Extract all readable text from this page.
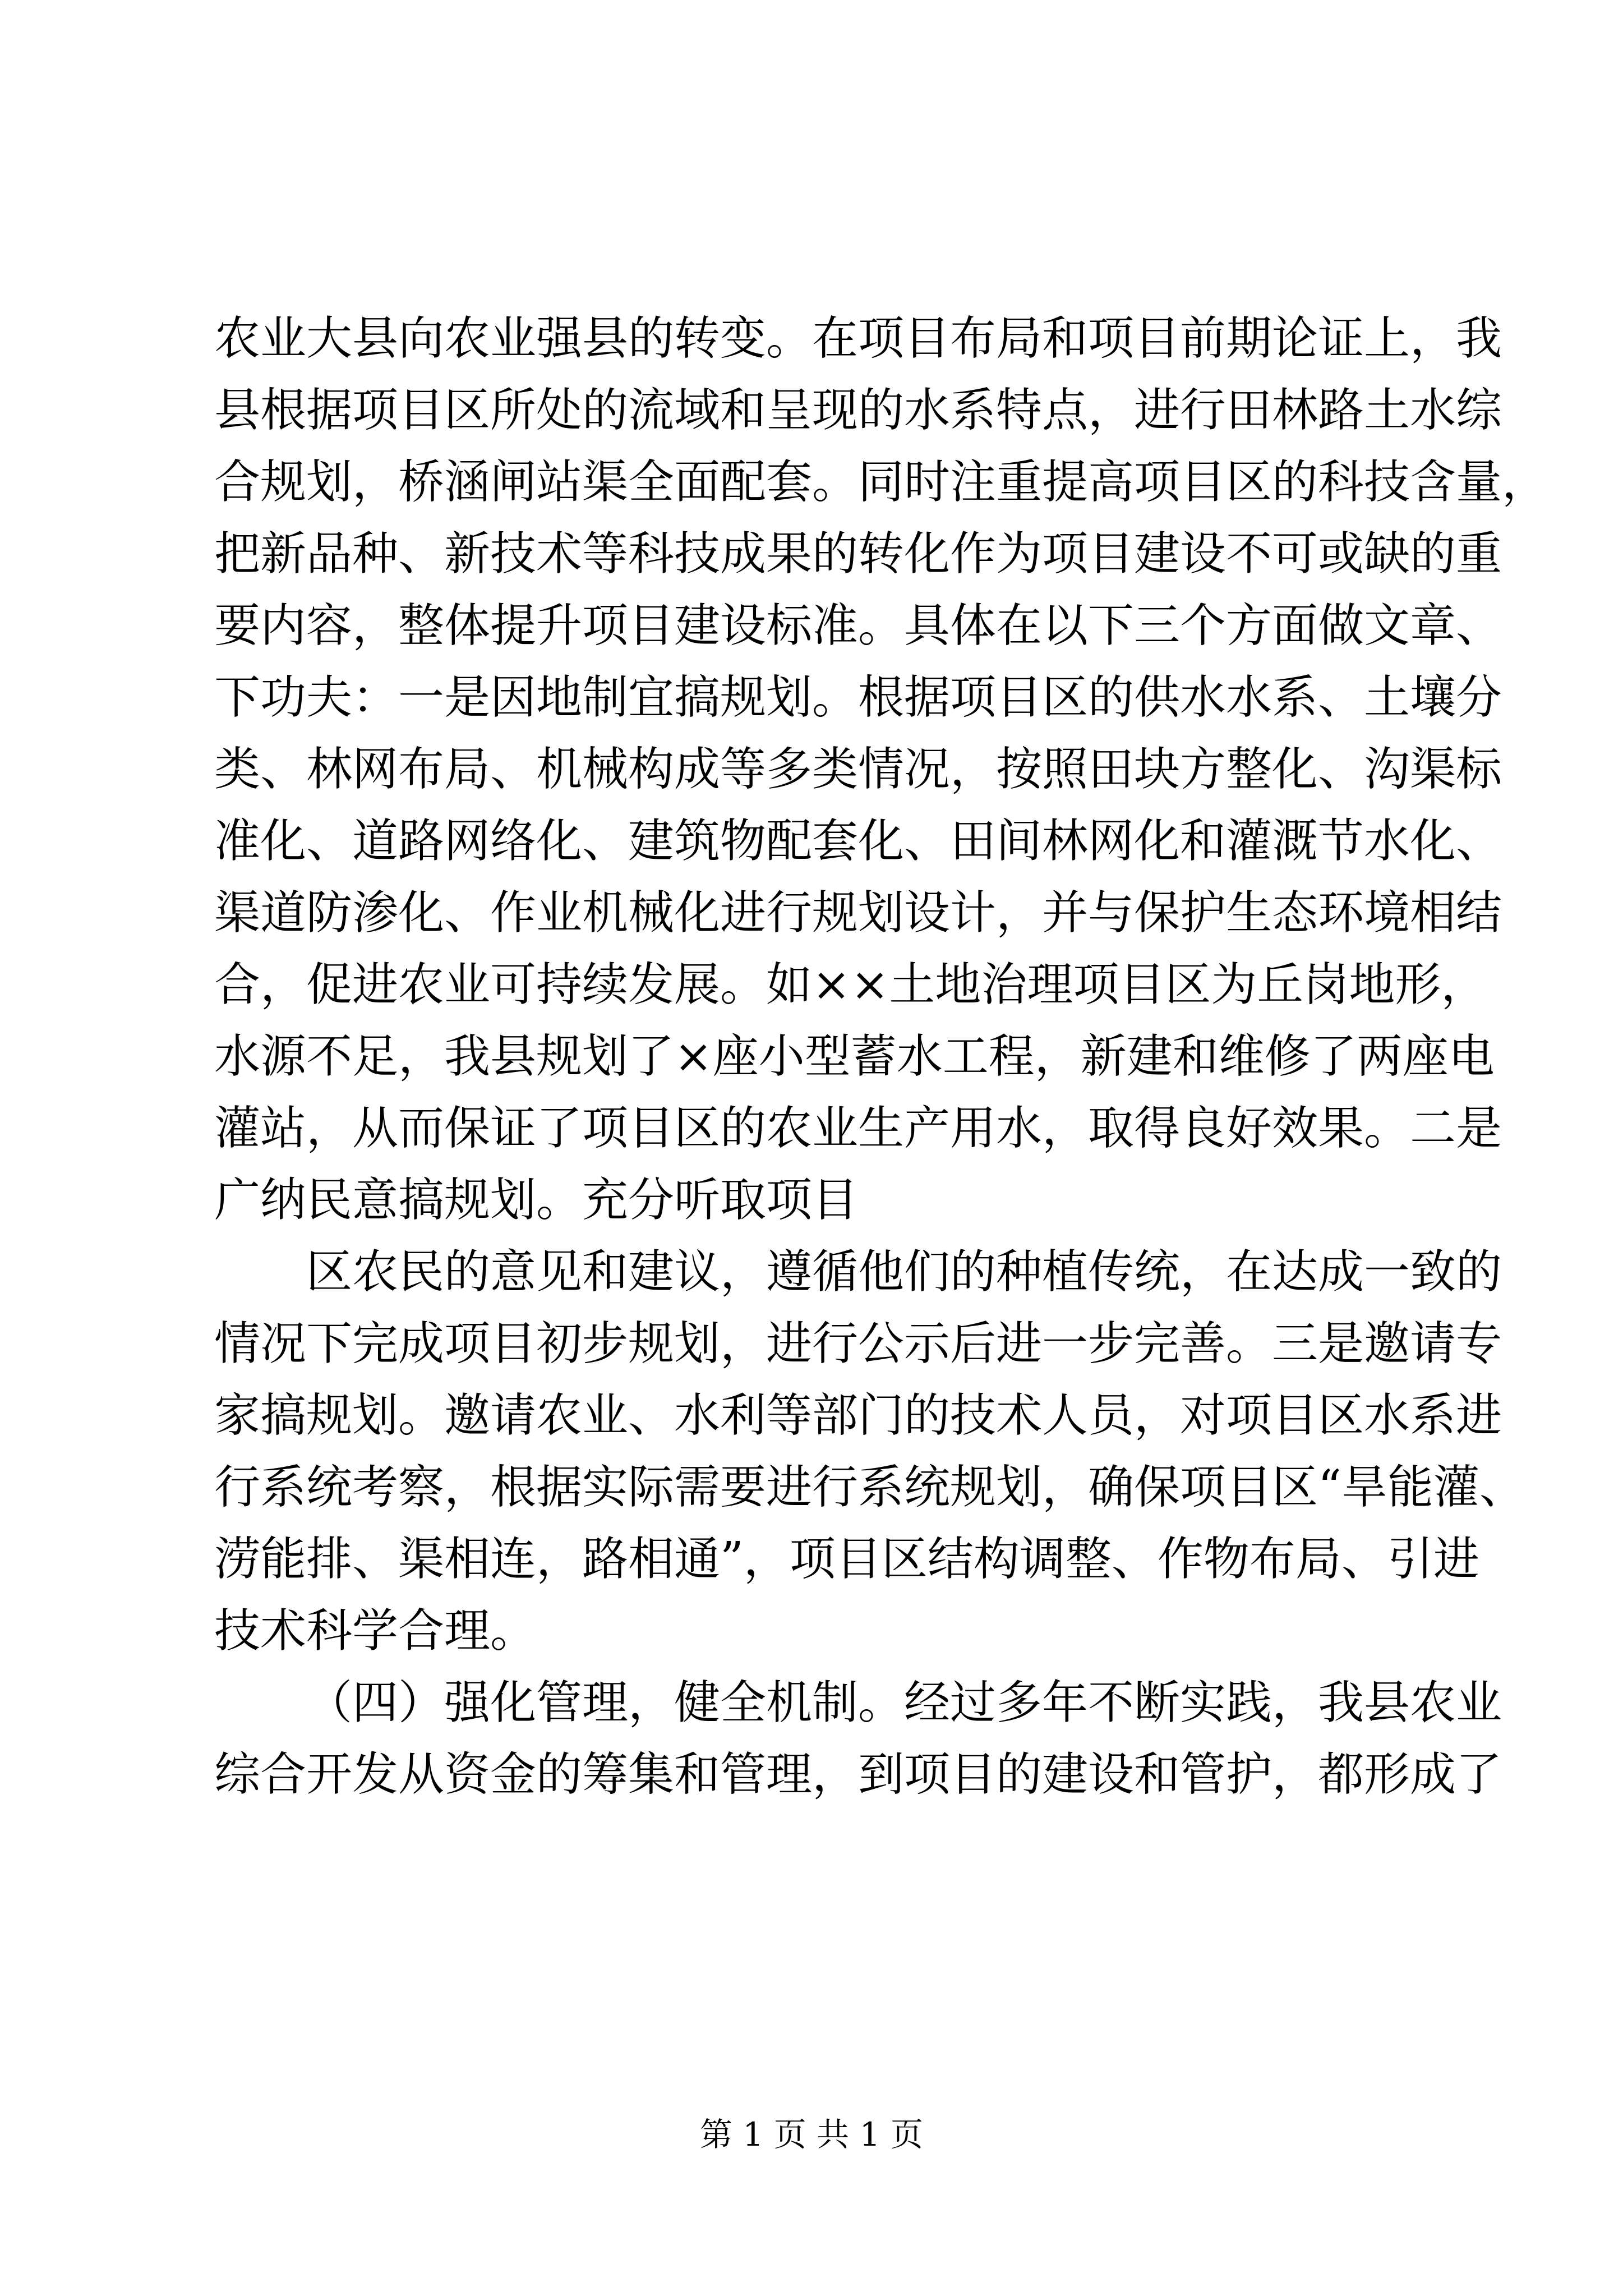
农业大县向农业强县的转变。在项目布局和项目前期论证上，我
县根据项目区所处的流域和呈现的水系特点，进行田林路土水综
合规划，桥涵闸站渠全面配套。同时注重提高项目区的科技含量，
把新品种、新技术等科技成果的转化作为项目建设不可或缺的重
要内容，整体提升项目建设标准。具体在以下三个方面做文章、
下功夫：一是因地制宜搞规划。根据项目区的供水水系、土壤分
类、林网布局、机械构成等多类情况，按照田块方整化、沟渠标
准化、道路网络化、建筑物配套化、田间林网化和灌溉节水化、
渠道防渗化、作业机械化进行规划设计，并与保护生态环境相结
合，促进农业可持续发展。如××土地治理项目区为丘岗地形，
水源不足，我县规划了×座小型蓄水工程，新建和维修了两座电
灌站，从而保证了项目区的农业生产用水，取得良好效果。二是
广纳民意搞规划。充分听取项目
区农民的意见和建议，遵循他们的种植传统，在达成一致的
情况下完成项目初步规划，进行公示后进一步完善。三是邀请专
家搞规划。邀请农业、水利等部门的技术人员，对项目区水系进
行系统考察，根据实际需要进行系统规划，确保项目区“旱能灌、
涝能排、渠相连，路相通”，项目区结构调整、作物布局、引进
技术科学合理。
（四）强化管理，健全机制。经过多年不断实践，我县农业
综合开发从资金的筹集和管理，到项目的建设和管护，都形成了
第 1 页 共 1 页
